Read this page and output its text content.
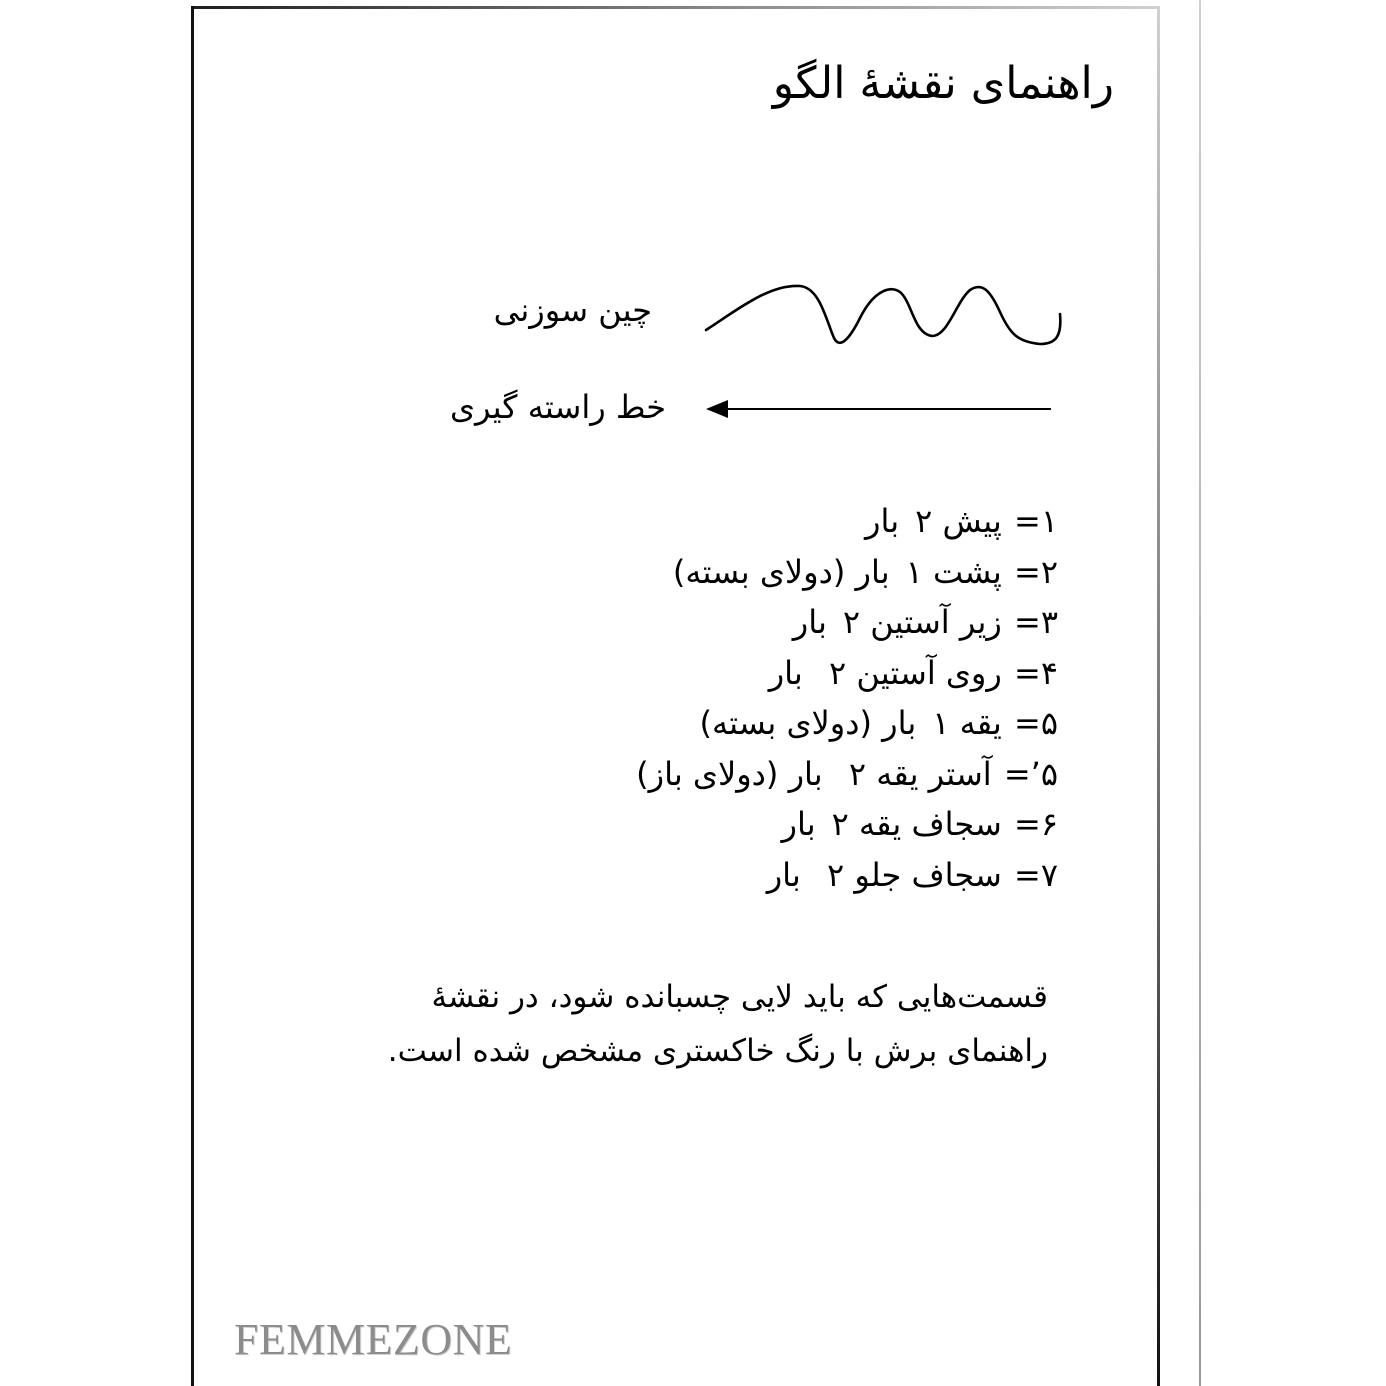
راهنمای نقشهٔ الگو
چین سوزنی
خط راسته گیری
۱= پیش ۲بار
۲= پشت ۱بار (دولای بسته)
۳= زیر آستین ۲بار
۴= روی آستین ۲ بار
۵= یقه ۱بار (دولای بسته)
۵’= آستر یقه ۲ بار (دولای باز)
۶= سجاف یقه ۲بار
۷= سجاف جلو ۲ بار
قسمت‌هایی که باید لایی چسبانده شود، در نقشهٔ
راهنمای برش با رنگ خاکستری مشخص شده است.
FEMMEZONE
